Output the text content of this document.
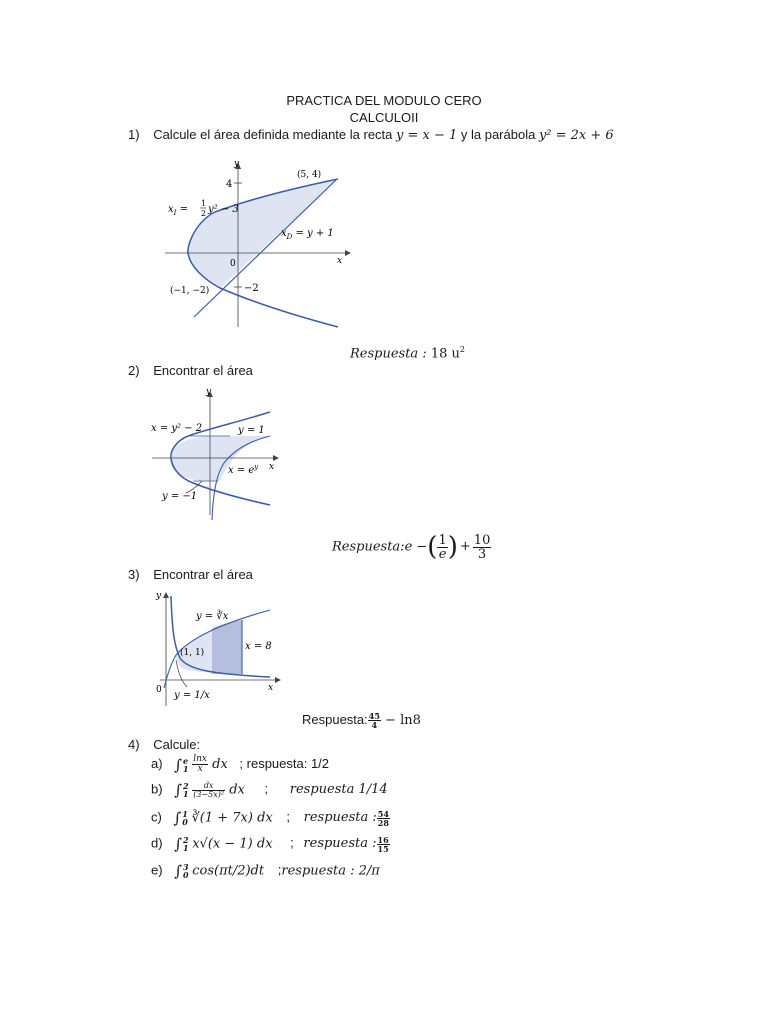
PRACTICA DEL MODULO CERO
CALCULOII
1) Calcule el área definida mediante la recta y = x − 1 y la parábola y² = 2x + 6
y
x
4
−2
0
(5, 4)
(−1, −2)
$x_I$ =
1
2 y² − 3
$x_D = y + 1$
Respuesta : 18 $u^2$
2) Encontrar el área
y
x
x = y² − 2	y = 1
$x = e^y$
y = −1
Respuesta:e −( $\frac{1}{e}$ ) + $\frac{10}{3}$
3) Encontrar el área
y
x
y = ∛x
x = 8
(1, 1)
y = 1/x
0
Respuesta: $\frac{45}{4} - \ln 8$
4) Calcule:
a) ∫ e
1
$\frac{\ln x}{x}$ dx ; respuesta: 1/2
b) ∫ 2
1
$\frac{dx}{\text{(3−5x)²}}$ dx ; respuesta 1/14
c) ∫ 1
0 ∛(1 + 7x) dx ; respuesta : $\frac{54}{28}$
d) ∫ 2
1 x√(x − 1) dx ; respuesta : $\frac{16}{15}$
e) ∫ 3
0 cos(πt/2)dt ;respuesta : 2/π
